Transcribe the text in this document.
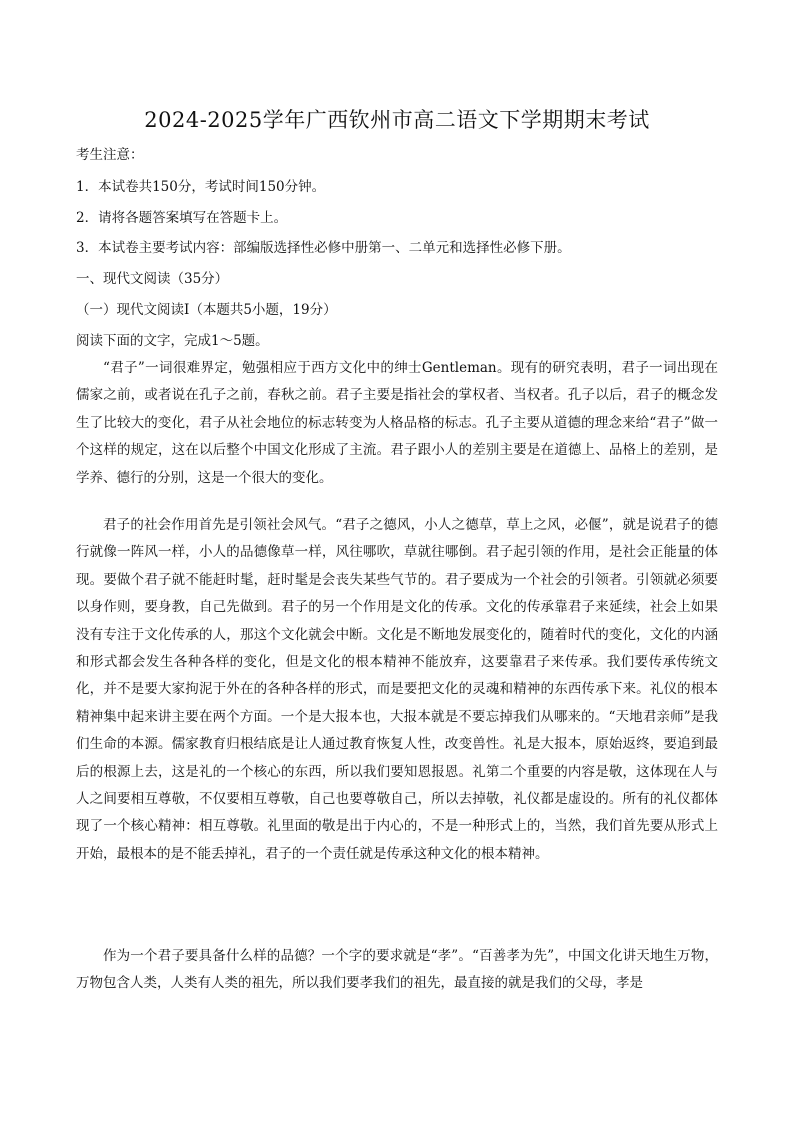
2024-2025学年广西钦州市高二语文下学期期末考试
考生注意：
1．本试卷共150分，考试时间150分钟。
2．请将各题答案填写在答题卡上。
3．本试卷主要考试内容：部编版选择性必修中册第一、二单元和选择性必修下册。
一、现代文阅读（35分）
（一）现代文阅读Ⅰ（本题共5小题，19分）
阅读下面的文字，完成1～5题。
“君子”一词很难界定，勉强相应于西方文化中的绅士Gentleman。现有的研究表明，君子一词出现在儒家之前，或者说在孔子之前，春秋之前。君子主要是指社会的掌权者、当权者。孔子以后，君子的概念发生了比较大的变化，君子从社会地位的标志转变为人格品格的标志。孔子主要从道德的理念来给“君子”做一个这样的规定，这在以后整个中国文化形成了主流。君子跟小人的差别主要是在道德上、品格上的差别，是学养、德行的分别，这是一个很大的变化。
君子的社会作用首先是引领社会风气。“君子之德风，小人之德草，草上之风，必偃”，就是说君子的德行就像一阵风一样，小人的品德像草一样，风往哪吹，草就往哪倒。君子起引领的作用，是社会正能量的体现。要做个君子就不能赶时髦，赶时髦是会丧失某些气节的。君子要成为一个社会的引领者。引领就必须要以身作则，要身教，自己先做到。君子的另一个作用是文化的传承。文化的传承靠君子来延续，社会上如果没有专注于文化传承的人，那这个文化就会中断。文化是不断地发展变化的，随着时代的变化，文化的内涵和形式都会发生各种各样的变化，但是文化的根本精神不能放弃，这要靠君子来传承。我们要传承传统文化，并不是要大家拘泥于外在的各种各样的形式，而是要把文化的灵魂和精神的东西传承下来。礼仪的根本精神集中起来讲主要在两个方面。一个是大报本也，大报本就是不要忘掉我们从哪来的。“天地君亲师”是我们生命的本源。儒家教育归根结底是让人通过教育恢复人性，改变兽性。礼是大报本，原始返终，要追到最后的根源上去，这是礼的一个核心的东西，所以我们要知恩报恩。礼第二个重要的内容是敬，这体现在人与人之间要相互尊敬，不仅要相互尊敬，自己也要尊敬自己，所以去掉敬，礼仪都是虚设的。所有的礼仪都体现了一个核心精神：相互尊敬。礼里面的敬是出于内心的，不是一种形式上的，当然，我们首先要从形式上开始，最根本的是不能丢掉礼，君子的一个责任就是传承这种文化的根本精神。
作为一个君子要具备什么样的品德？一个字的要求就是“孝”。“百善孝为先”，中国文化讲天地生万物，万物包含人类，人类有人类的祖先，所以我们要孝我们的祖先，最直接的就是我们的父母，孝是
